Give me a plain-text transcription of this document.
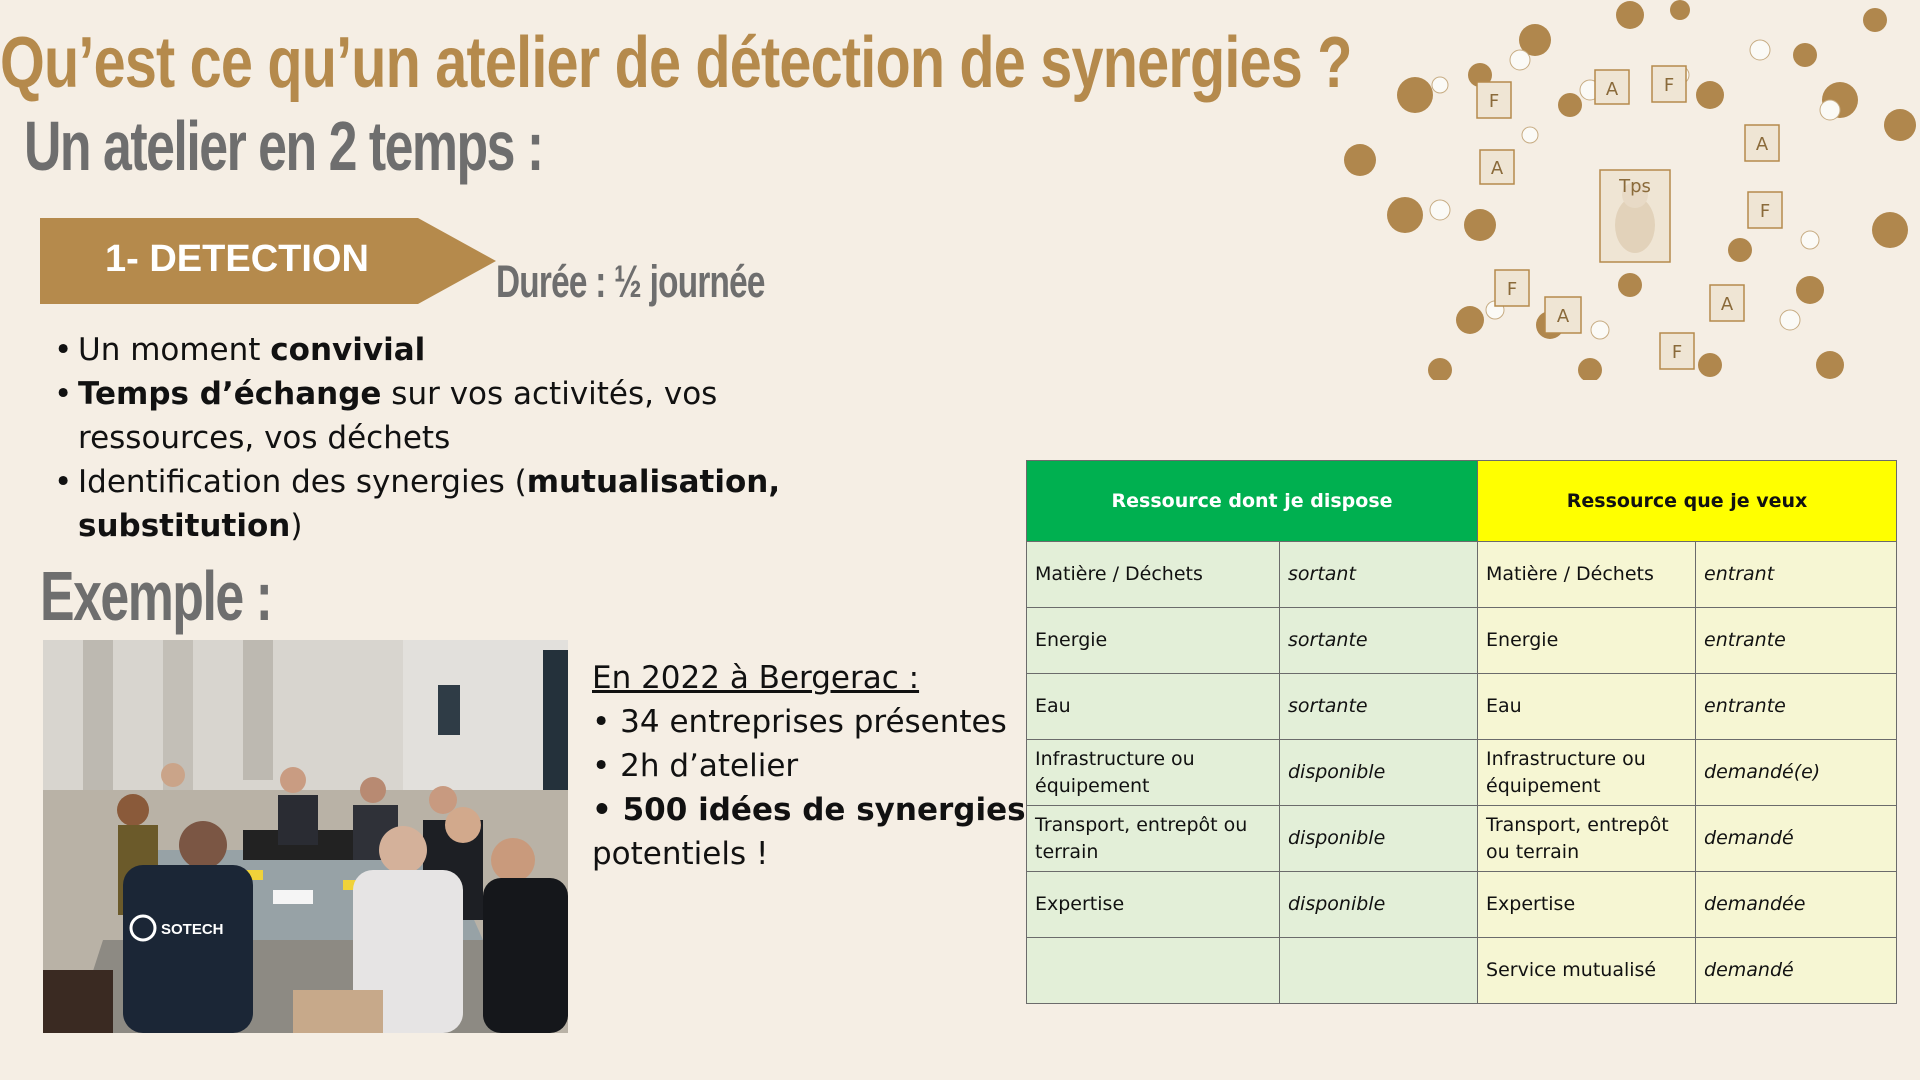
Qu’est ce qu’un atelier de détection de synergies ?
Un atelier en 2 temps :
1- DETECTION	Durée : ½ journée
• Un moment convivial
• Temps d’échange sur vos activités, vos ressources, vos déchets
• Identification des synergies (mutualisation, substitution)
Exemple :
SOTECH
En 2022 à Bergerac :
• 34 entreprises présentes
• 2h d’atelier
• 500 idées de synergies
potentiels !
F
A
F
A
A
F
F
A
A
F
Tps
Ressource dont je dispose		Ressource que je veux	
Matière / Déchets	sortant	Matière / Déchets	entrant
Energie	sortante	Energie	entrante
Eau	sortante	Eau	entrante
Infrastructure ou équipement	disponible	Infrastructure ou équipement	demandé(e)
Transport, entrepôt ou terrain	disponible	Transport, entrepôt ou terrain	demandé
Expertise	disponible	Expertise	demandée
		Service mutualisé	demandé
